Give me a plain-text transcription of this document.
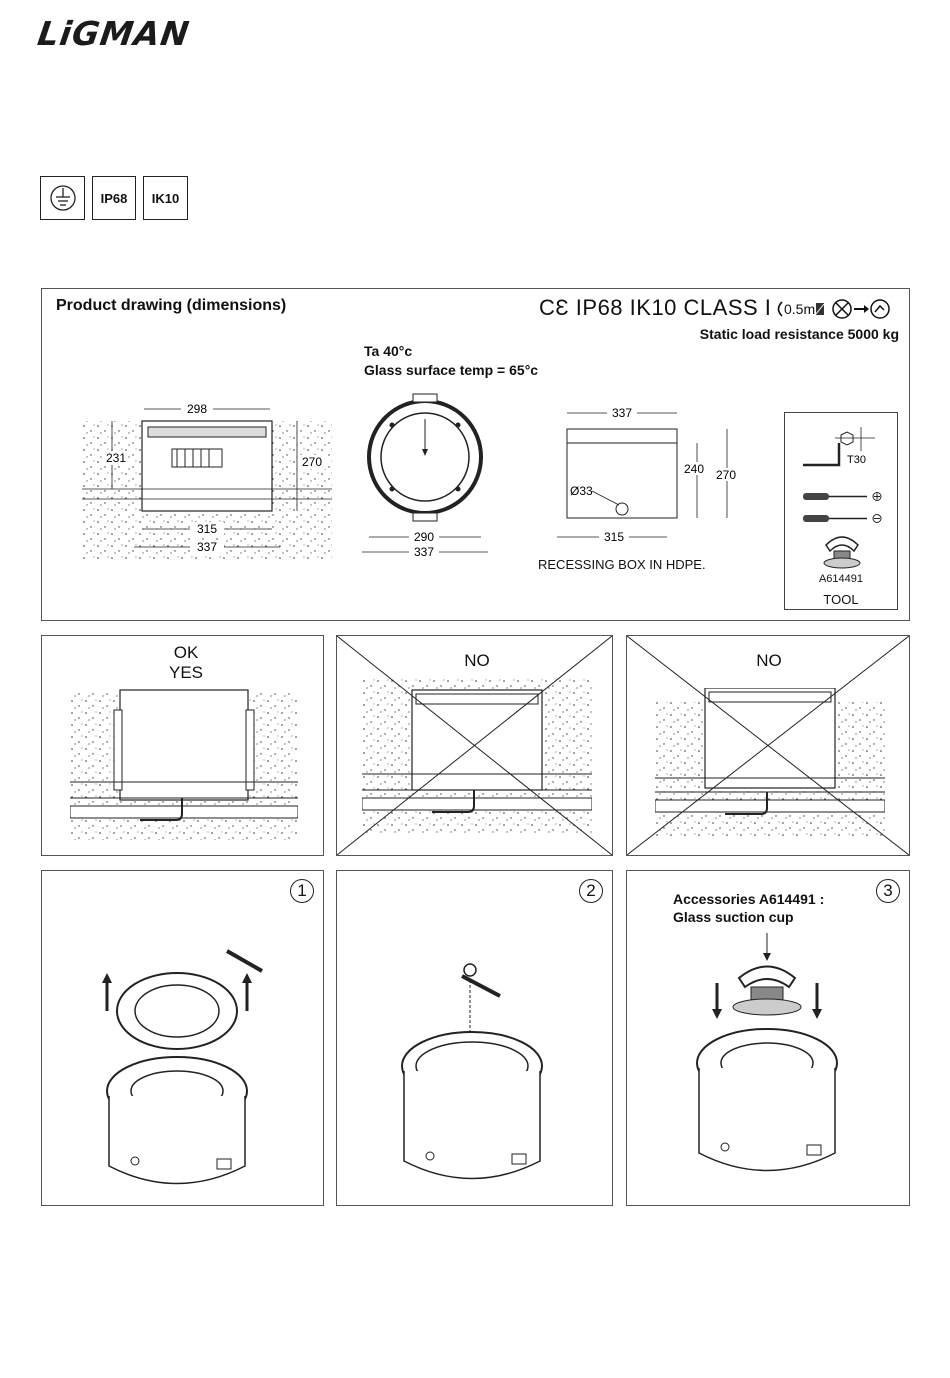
LiGMAN
IP68	IK10
Product drawing (dimensions)	CƐ IP68 IK10 CLASS I 0.5m
Static load resistance 5000 kg
Ta 40°c
Glass surface temp = 65°c
298
231	270
315
337
290
337
337
Ø33
240 270
315
RECESSING BOX IN HDPE.
T30
A614491
TOOL
OK
YES
NO	NO
1	2	3
Accessories A614491 :
Glass suction cup
